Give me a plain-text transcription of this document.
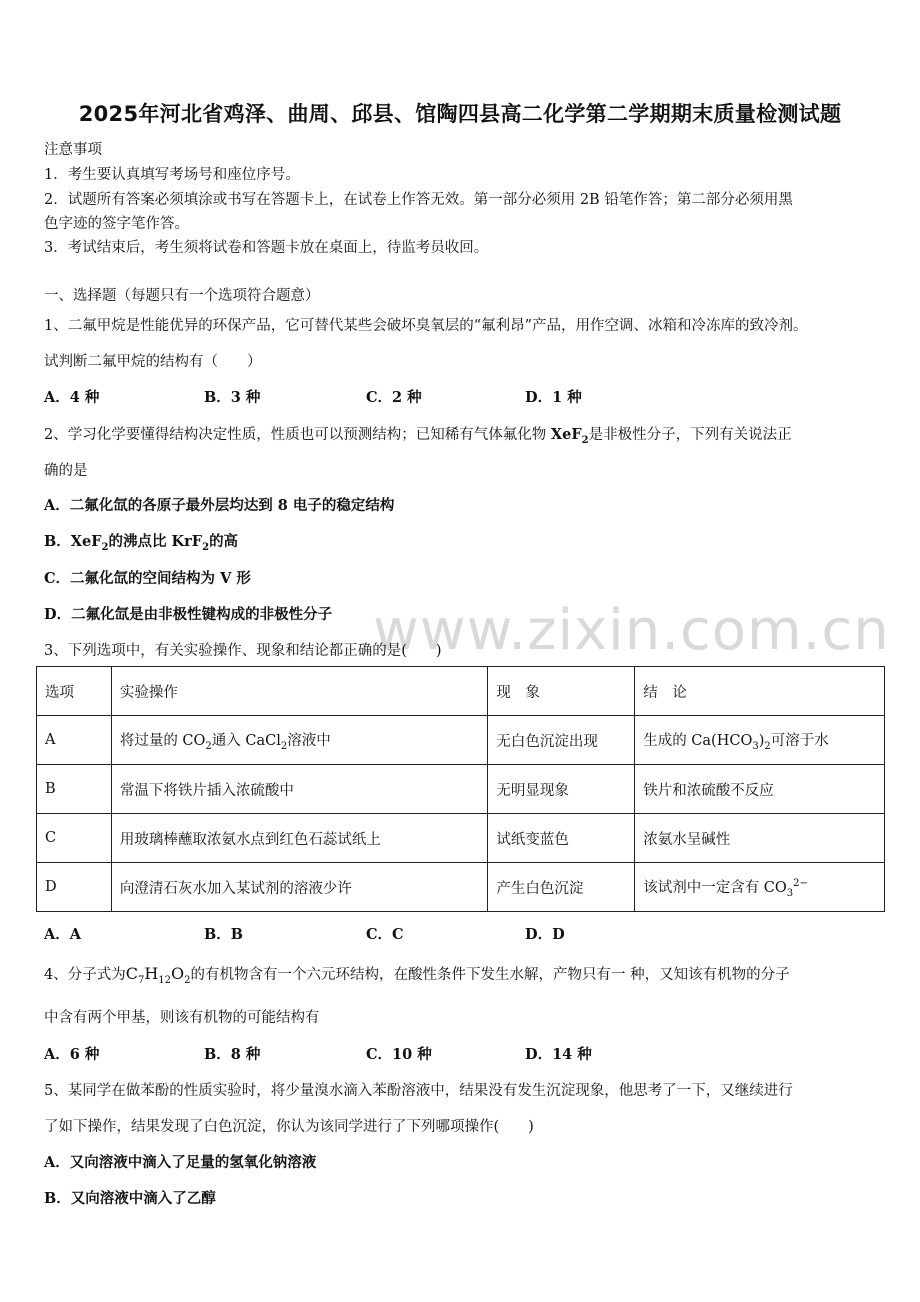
2025年河北省鸡泽、曲周、邱县、馆陶四县高二化学第二学期期末质量检测试题
注意事项
1．考生要认真填写考场号和座位序号。
2．试题所有答案必须填涂或书写在答题卡上，在试卷上作答无效。第一部分必须用 2B 铅笔作答；第二部分必须用黑
色字迹的签字笔作答。
3．考试结束后，考生须将试卷和答题卡放在桌面上，待监考员收回。
一、选择题（每题只有一个选项符合题意）
1、二氟甲烷是性能优异的环保产品，它可替代某些会破坏臭氧层的“氟利昂”产品，用作空调、冰箱和冷冻库的致冷剂。
试判断二氟甲烷的结构有（　　）
A．4 种	B．3 种	C．2 种	D．1 种
2、学习化学要懂得结构决定性质，性质也可以预测结构；已知稀有气体氟化物 XeF$_2$是非极性分子，下列有关说法正
确的是
A．二氟化氙的各原子最外层均达到 8 电子的稳定结构
B．XeF$_2$的沸点比 KrF$_2$的高
C．二氟化氙的空间结构为 V 形
D．二氟化氙是由非极性键构成的非极性分子 www.zixin.com.cn
3、下列选项中，有关实验操作、现象和结论都正确的是(　　)
选项	实验操作	现　象	结　论
A	将过量的 $CO_2$通入 CaCl$_2$溶液中	无白色沉淀出现	生成的 $Ca(HCO_3)_2$可溶于水
B	常温下将铁片插入浓硫酸中	无明显现象	铁片和浓硫酸不反应
C	用玻璃棒蘸取浓氨水点到红色石蕊试纸上	试纸变蓝色	浓氨水呈碱性
D	向澄清石灰水加入某试剂的溶液少许	产生白色沉淀	该试剂中一定含有 $CO_3^{2-}$
A．A	B．B	C．C	D．D
4、分子式为$C_7H_{12}O_2$的有机物含有一个六元环结构，在酸性条件下发生水解，产物只有一 种，又知该有机物的分子
中含有两个甲基，则该有机物的可能结构有
A．6 种	B．8 种	C．10 种	D．14 种
5、某同学在做苯酚的性质实验时，将少量溴水滴入苯酚溶液中，结果没有发生沉淀现象，他思考了一下，又继续进行
了如下操作，结果发现了白色沉淀，你认为该同学进行了下列哪项操作(　　)
A．又向溶液中滴入了足量的氢氧化钠溶液
B．又向溶液中滴入了乙醇
